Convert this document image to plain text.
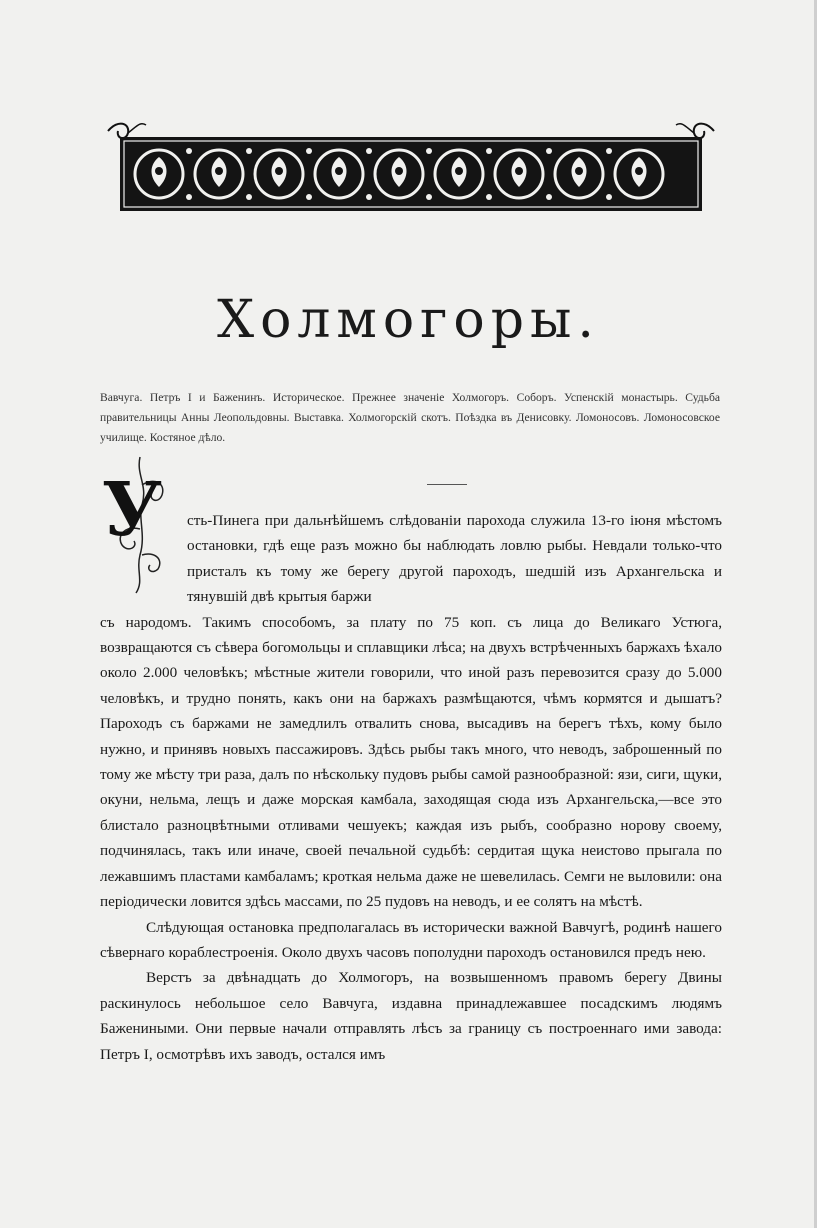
Холмогоры.

Вавчуга. Петръ I и Баженинъ. Историческое. Прежнее значеніе Холмогоръ. Соборъ. Успенскій монастырь. Судьба правительницы Анны Леопольдовны. Выставка. Холмогорскій скотъ. Поѣздка въ Денисовку. Ломоносовъ. Ломоносовское училище. Костяное дѣло.

У сть-Пинега при дальнѣйшемъ слѣдованіи парохода служила 13-го іюня мѣстомъ остановки, гдѣ еще разъ можно бы наблюдать ловлю рыбы. Невдали только-что присталъ къ тому же берегу другой пароходъ, шедшій изъ Архангельска и тянувшій двѣ крытыя баржи

съ народомъ. Такимъ способомъ, за плату по 75 коп. съ лица до Великаго Устюга, возвращаются съ сѣвера богомольцы и сплавщики лѣса; на двухъ встрѣченныхъ баржахъ ѣхало около 2.000 человѣкъ; мѣстные жители говорили, что иной разъ перевозится сразу до 5.000 человѣкъ, и трудно понять, какъ они на баржахъ размѣщаются, чѣмъ кормятся и дышатъ? Пароходъ съ баржами не замедлилъ отвалить снова, высадивъ на берегъ тѣхъ, кому было нужно, и принявъ новыхъ пассажировъ. Здѣсь рыбы такъ много, что неводъ, заброшенный по тому же мѣсту три раза, далъ по нѣскольку пудовъ рыбы самой разнообразной: язи, сиги, щуки, окуни, нельма, лещъ и даже морская камбала, заходящая сюда изъ Архангельска,—все это блистало разноцвѣтными отливами чешуекъ; каждая изъ рыбъ, сообразно норову своему, подчинялась, такъ или иначе, своей печальной судьбѣ: сердитая щука неистово прыгала по лежавшимъ пластами камбаламъ; кроткая нельма даже не шевелилась. Семги не выловили: она періодически ловится здѣсь массами, по 25 пудовъ на неводъ, и ее солятъ на мѣстѣ.

Слѣдующая остановка предполагалась въ исторически важной Вавчугѣ, родинѣ нашего сѣвернаго кораблестроенія. Около двухъ часовъ пополудни пароходъ остановился предъ нею.

Верстъ за двѣнадцать до Холмогоръ, на возвышенномъ правомъ берегу Двины раскинулось небольшое село Вавчуга, издавна принадлежавшее посадскимъ людямъ Бажениными. Они первые начали отправлять лѣсъ за границу съ построеннаго ими завода: Петръ I, осмотрѣвъ ихъ заводъ, остался имъ
